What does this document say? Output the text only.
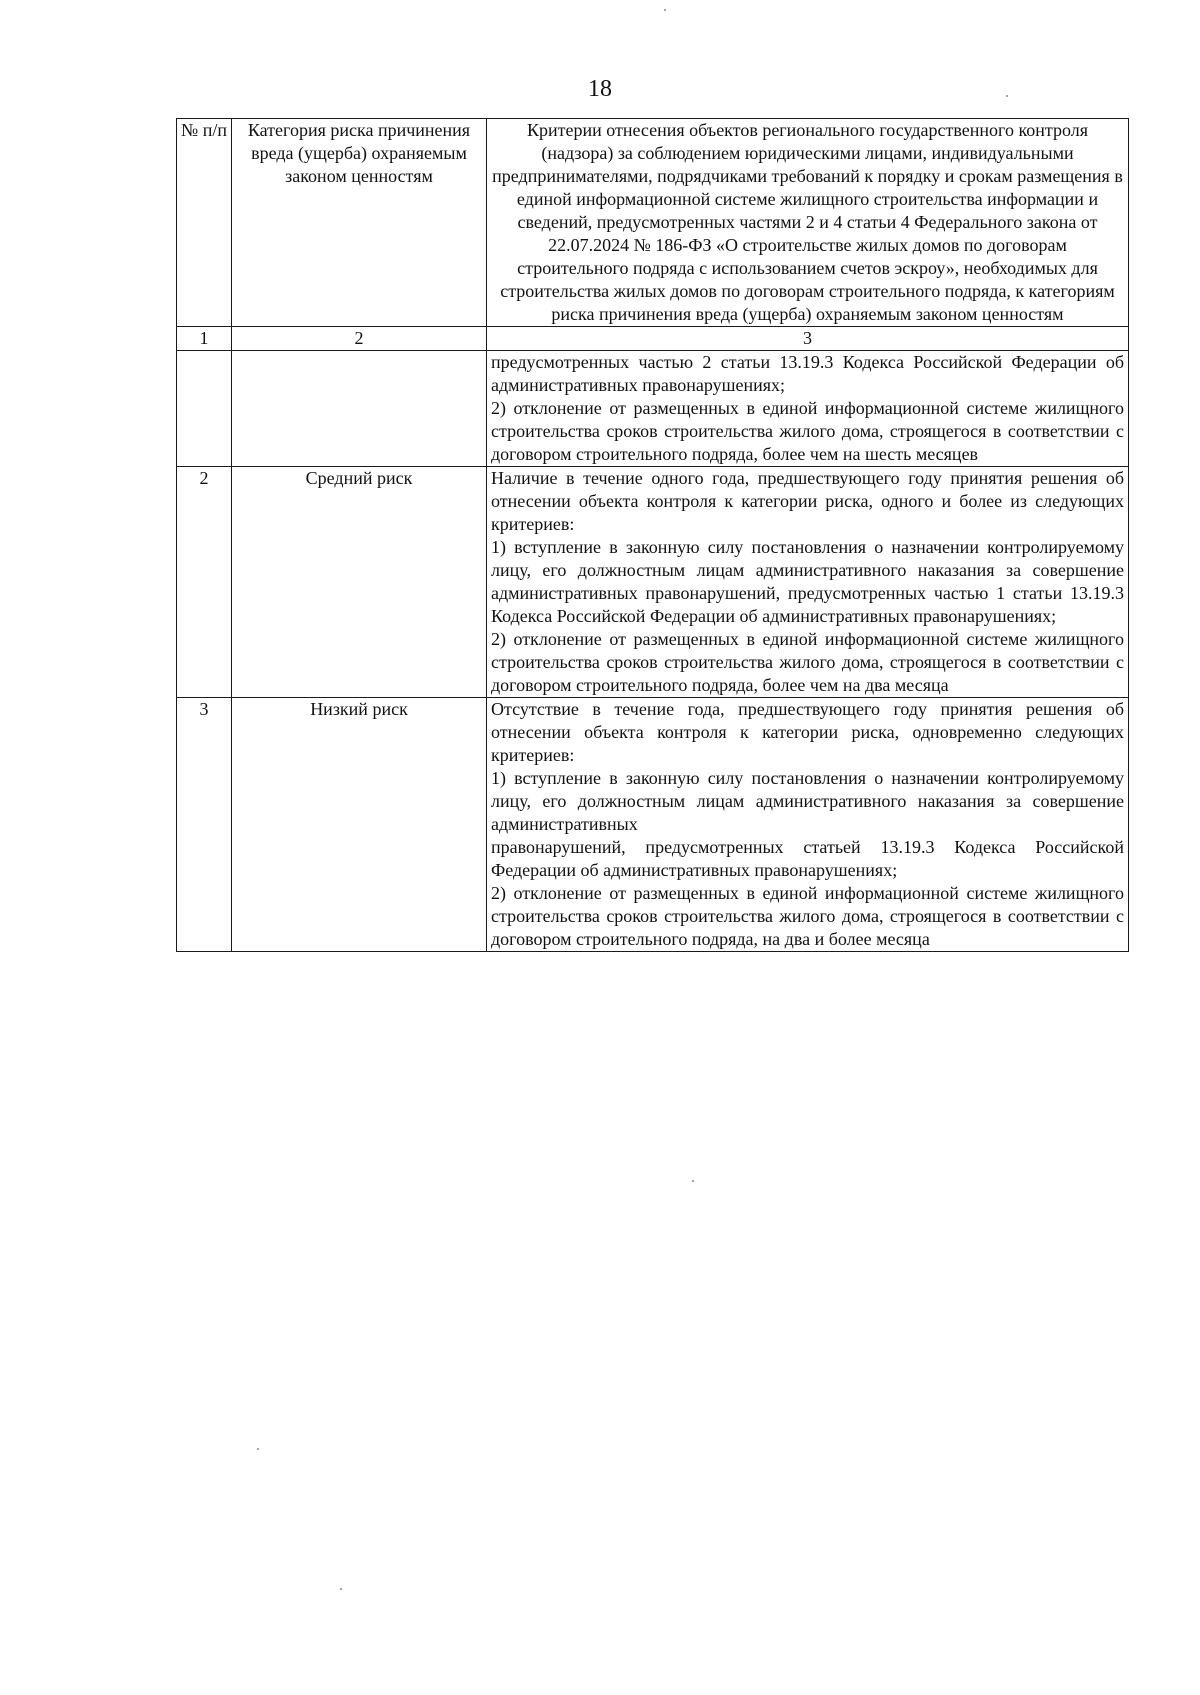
18
№ п/п	Категория риска причинения вреда (ущерба) охраняемым законом ценностям	Критерии отнесения объектов регионального государственного контроля (надзора) за соблюдением юридическими лицами, индивидуальными предпринимателями, подрядчиками требований к порядку и срокам размещения в единой информационной системе жилищного строительства информации и сведений, предусмотренных частями 2 и 4 статьи 4 Федерального закона от 22.07.2024 № 186-ФЗ «О строительстве жилых домов по договорам строительного подряда с использованием счетов эскроу», необходимых для строительства жилых домов по договорам строительного подряда, к категориям риска причинения вреда (ущерба) охраняемым законом ценностям
1	2	3

		предусмотренных частью 2 статьи 13.19.3 Кодекса Российской Федерации об административных правонарушениях;
2) отклонение от размещенных в единой информационной системе жилищного строительства сроков строительства жилого дома, строящегося в соответствии с договором строительного подряда, более чем на шесть месяцев

2	Средний риск	Наличие в течение одного года, предшествующего году принятия решения об отнесении объекта контроля к категории риска, одного и более из следующих критериев:
1) вступление в законную силу постановления о назначении контролируемому лицу, его должностным лицам административного наказания за совершение административных правонарушений, предусмотренных частью 1 статьи 13.19.3 Кодекса Российской Федерации об административных правонарушениях;
2) отклонение от размещенных в единой информационной системе жилищного строительства сроков строительства жилого дома, строящегося в соответствии с договором строительного подряда, более чем на два месяца

3	Низкий риск	Отсутствие в течение года, предшествующего году принятия решения об отнесении объекта контроля к категории риска, одновременно следующих критериев:
1) вступление в законную силу постановления о назначении контролируемому лицу, его должностным лицам административного наказания за совершение административных
правонарушений, предусмотренных статьей 13.19.3 Кодекса Российской Федерации об административных правонарушениях;
2) отклонение от размещенных в единой информационной системе жилищного строительства сроков строительства жилого дома, строящегося в соответствии с договором строительного подряда, на два и более месяца
